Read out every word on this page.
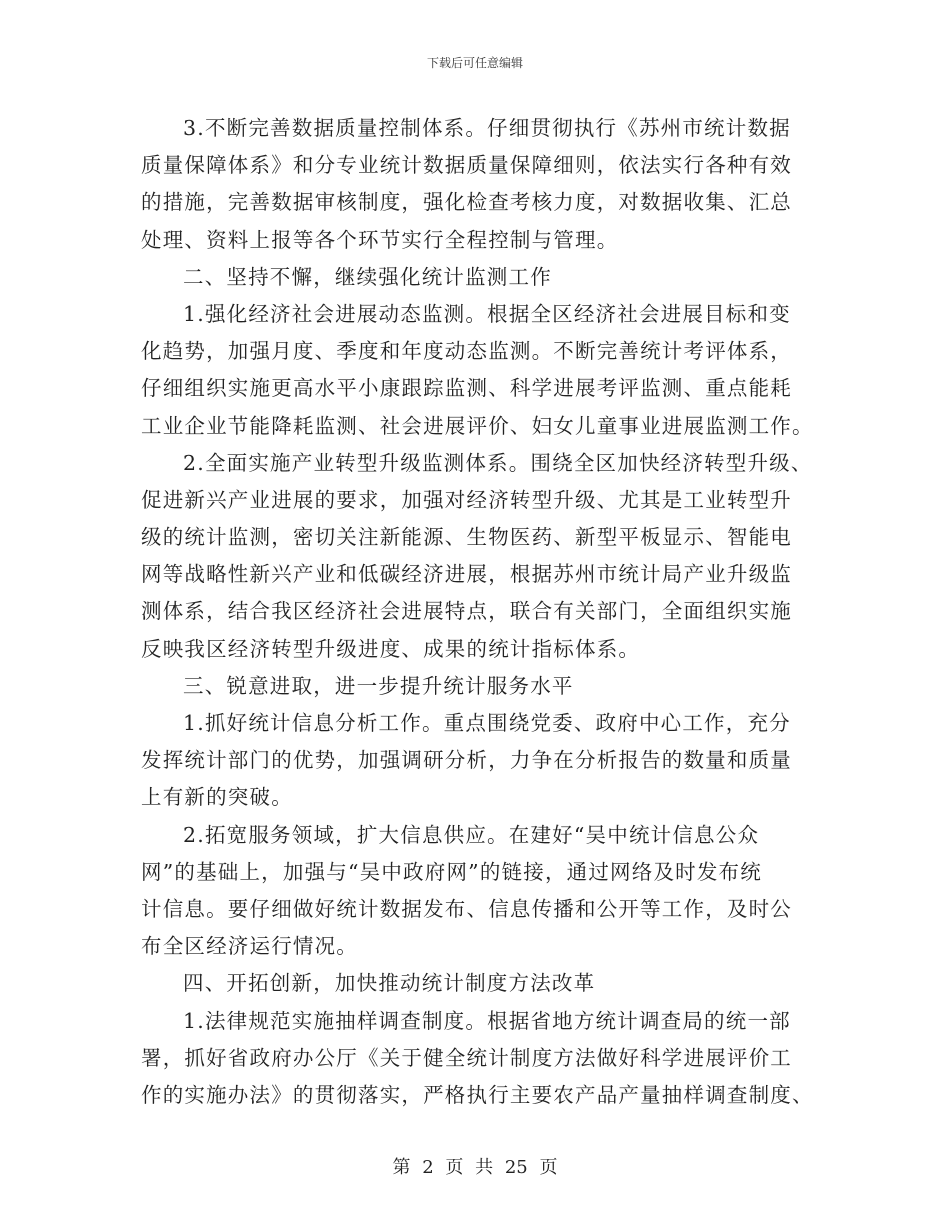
下载后可任意编辑
3.不断完善数据质量控制体系。仔细贯彻执行《苏州市统计数据
质量保障体系》和分专业统计数据质量保障细则，依法实行各种有效
的措施，完善数据审核制度，强化检查考核力度，对数据收集、汇总
处理、资料上报等各个环节实行全程控制与管理。
二、坚持不懈，继续强化统计监测工作
1.强化经济社会进展动态监测。根据全区经济社会进展目标和变
化趋势，加强月度、季度和年度动态监测。不断完善统计考评体系，
仔细组织实施更高水平小康跟踪监测、科学进展考评监测、重点能耗
工业企业节能降耗监测、社会进展评价、妇女儿童事业进展监测工作。
2.全面实施产业转型升级监测体系。围绕全区加快经济转型升级、
促进新兴产业进展的要求，加强对经济转型升级、尤其是工业转型升
级的统计监测，密切关注新能源、生物医药、新型平板显示、智能电
网等战略性新兴产业和低碳经济进展，根据苏州市统计局产业升级监
测体系，结合我区经济社会进展特点，联合有关部门，全面组织实施
反映我区经济转型升级进度、成果的统计指标体系。
三、锐意进取，进一步提升统计服务水平
1.抓好统计信息分析工作。重点围绕党委、政府中心工作，充分
发挥统计部门的优势，加强调研分析，力争在分析报告的数量和质量
上有新的突破。
2.拓宽服务领域，扩大信息供应。在建好“吴中统计信息公众
网”的基础上，加强与“吴中政府网”的链接，通过网络及时发布统
计信息。要仔细做好统计数据发布、信息传播和公开等工作，及时公
布全区经济运行情况。
四、开拓创新，加快推动统计制度方法改革
1.法律规范实施抽样调查制度。根据省地方统计调查局的统一部
署，抓好省政府办公厅《关于健全统计制度方法做好科学进展评价工
作的实施办法》的贯彻落实，严格执行主要农产品产量抽样调查制度、
第 2 页 共 25 页
